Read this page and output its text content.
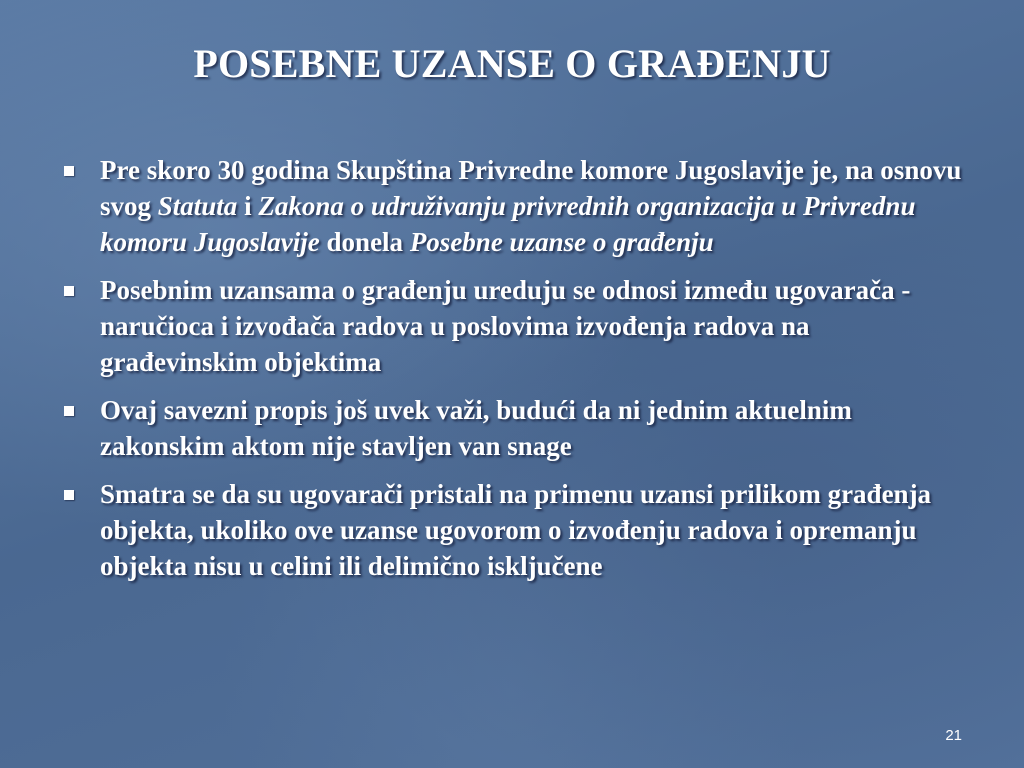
POSEBNE UZANSE O GRAĐENJU
Pre skoro 30 godina Skupština Privredne komore Jugoslavije je, na osnovu svog Statuta i Zakona o udruživanju privrednih organizacija u Privrednu komoru Jugoslavije donela Posebne uzanse o građenju
Posebnim uzansama o građenju ureduju se odnosi između ugovarača - naručioca i izvođača radova u poslovima izvođenja radova na građevinskim objektima
Ovaj savezni propis još uvek važi, budući da ni jednim aktuelnim zakonskim aktom nije stavljen van snage
Smatra se da su ugovarači pristali na primenu uzansi prilikom građenja objekta, ukoliko ove uzanse ugovorom o izvođenju radova i opremanju objekta nisu u celini ili delimično isključene
21
